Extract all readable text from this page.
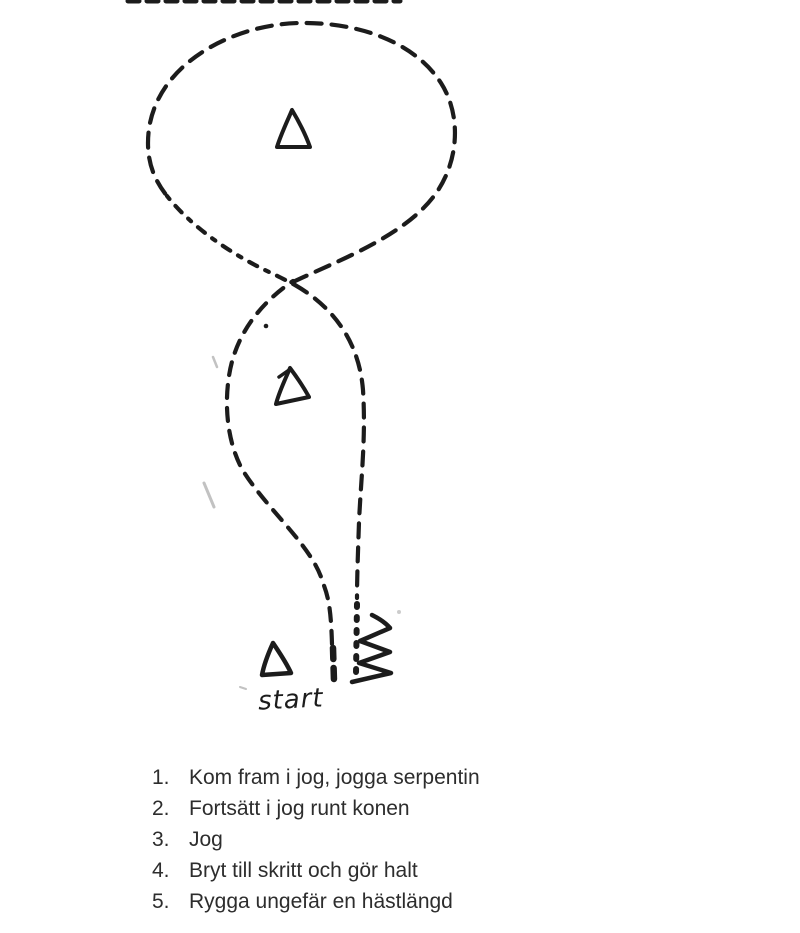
start
1. Kom fram i jog, jogga serpentin
2. Fortsätt i jog runt konen
3. Jog
4. Bryt till skritt och gör halt
5. Rygga ungefär en hästlängd
